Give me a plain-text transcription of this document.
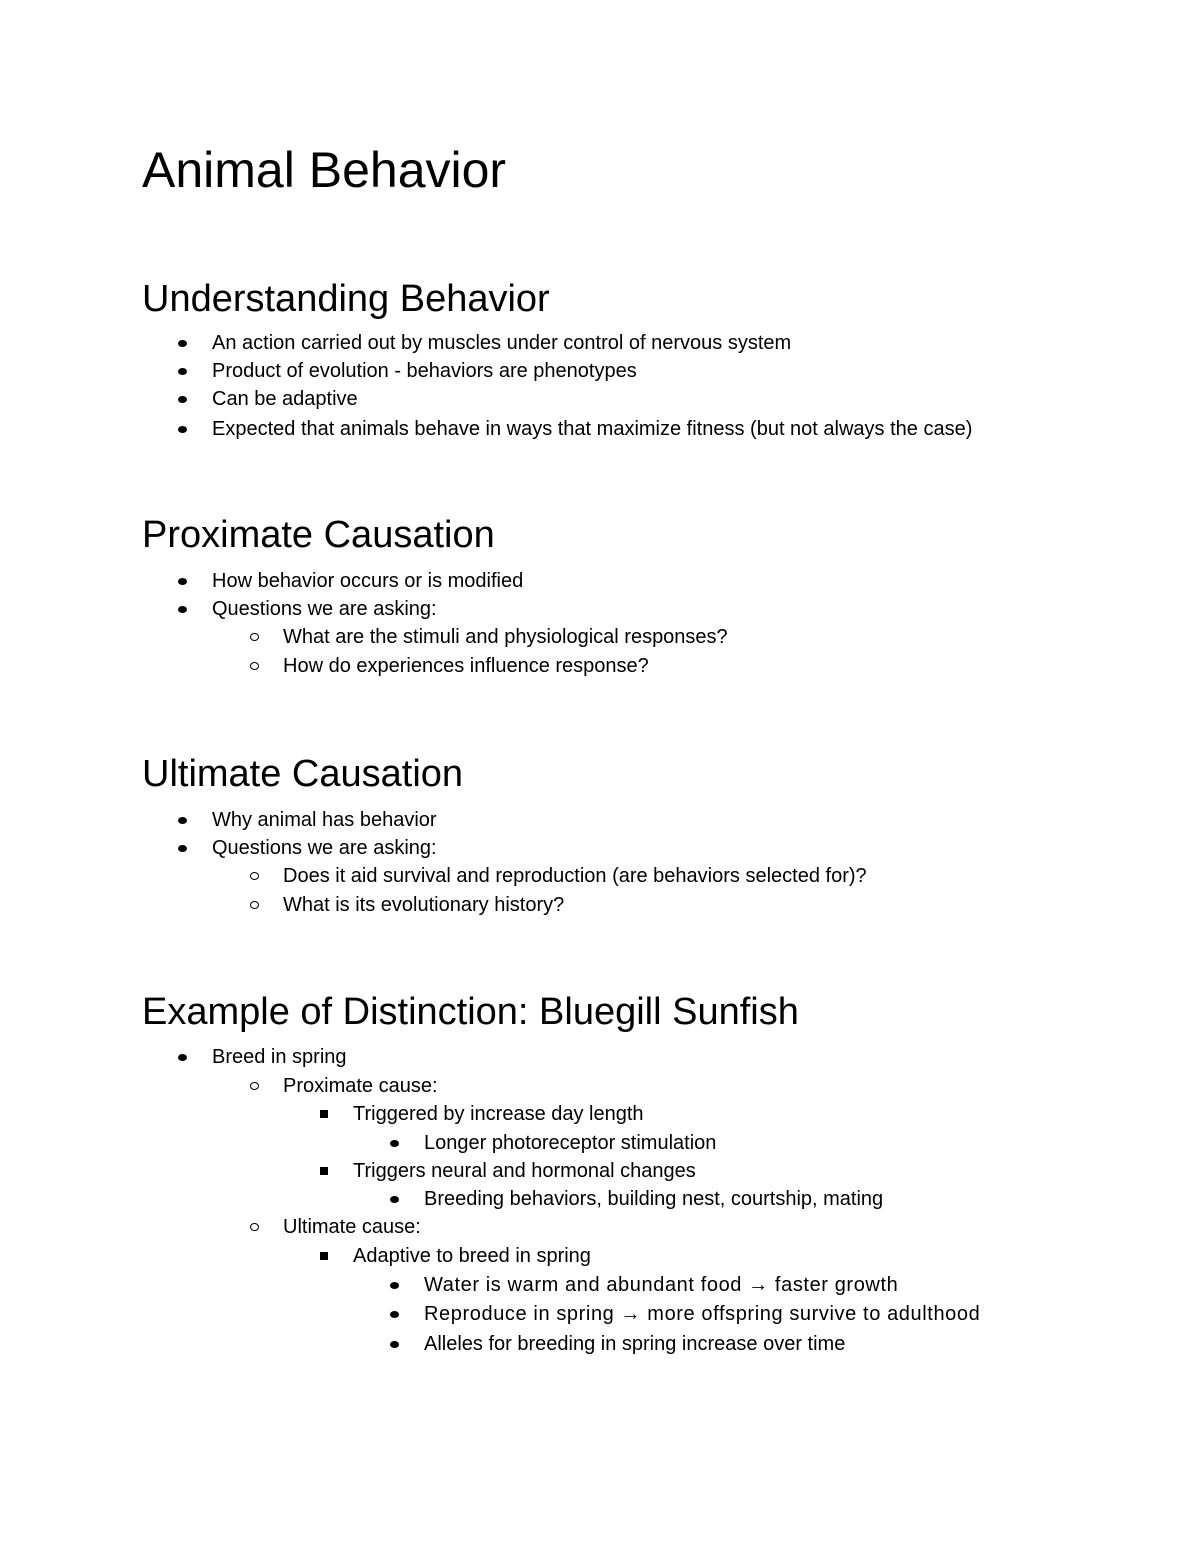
Animal Behavior
Understanding Behavior
An action carried out by muscles under control of nervous system
Product of evolution - behaviors are phenotypes
Can be adaptive
Expected that animals behave in ways that maximize fitness (but not always the case)
Proximate Causation
How behavior occurs or is modified
Questions we are asking:
What are the stimuli and physiological responses?
How do experiences influence response?
Ultimate Causation
Why animal has behavior
Questions we are asking:
Does it aid survival and reproduction (are behaviors selected for)?
What is its evolutionary history?
Example of Distinction: Bluegill Sunfish
Breed in spring
Proximate cause:
Triggered by increase day length
Longer photoreceptor stimulation
Triggers neural and hormonal changes
Breeding behaviors, building nest, courtship, mating
Ultimate cause:
Adaptive to breed in spring
Water is warm and abundant food → faster growth
Reproduce in spring → more offspring survive to adulthood
Alleles for breeding in spring increase over time
